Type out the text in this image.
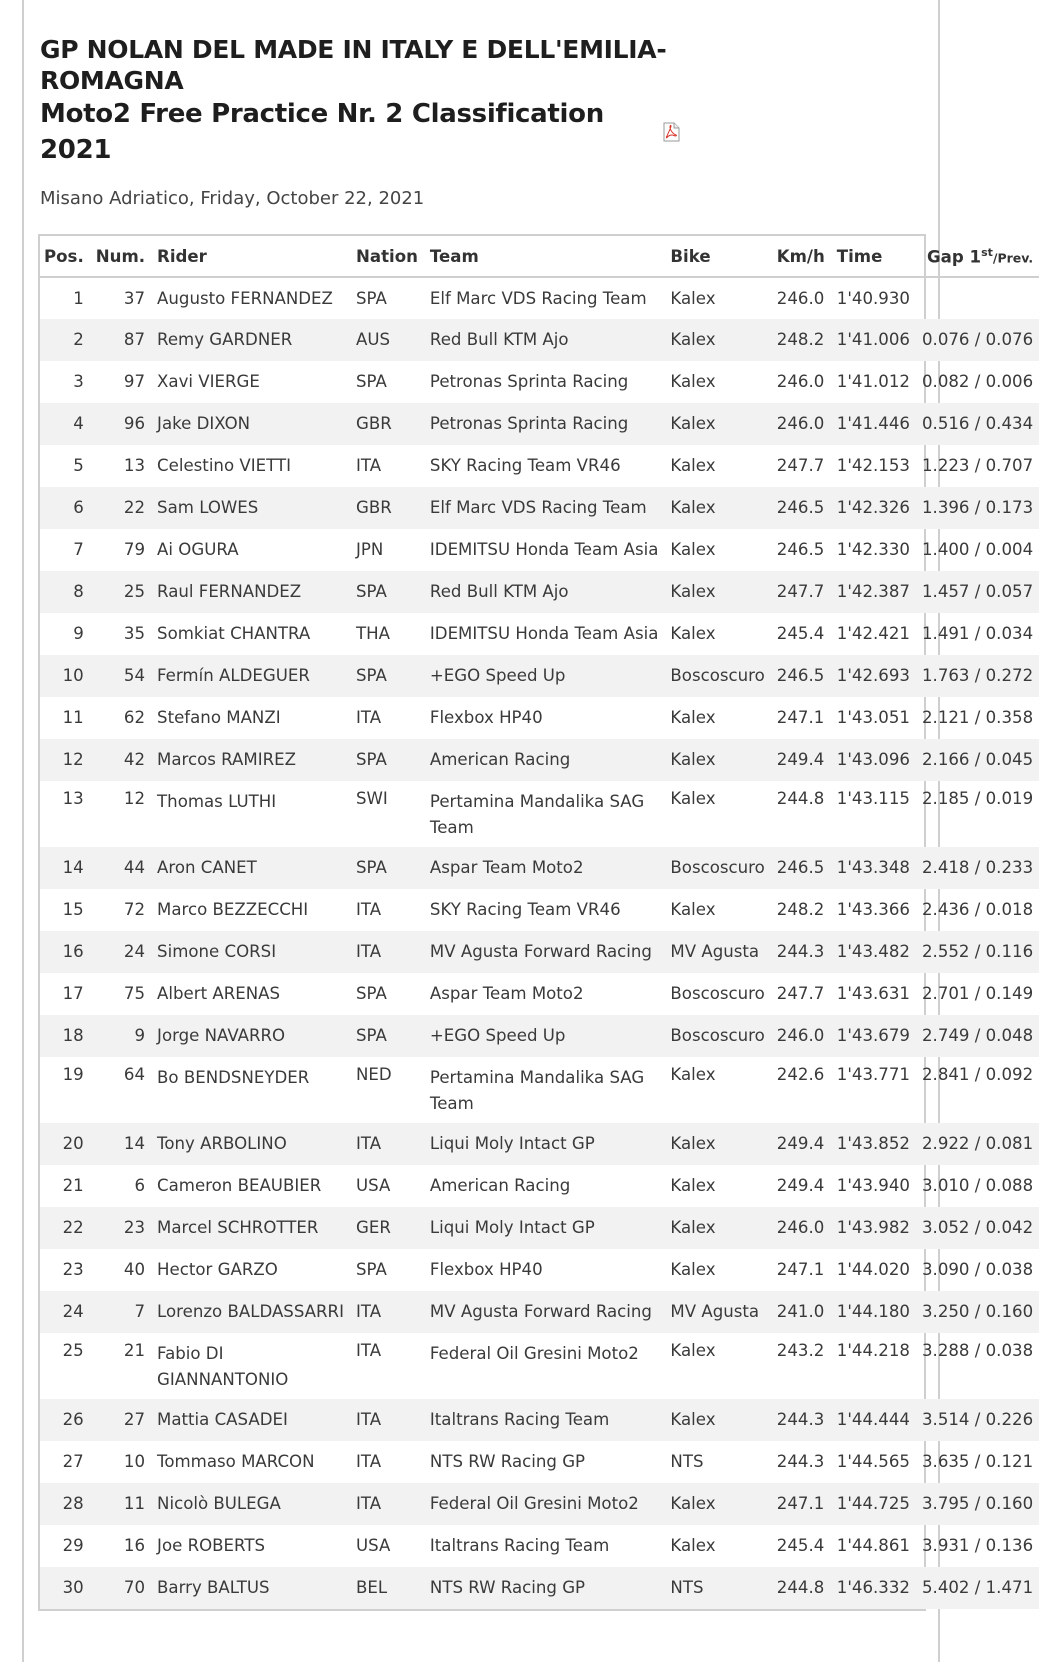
GP NOLAN DEL MADE IN ITALY E DELL'EMILIA-
ROMAGNA
Moto2 Free Practice Nr. 2 Classification 2021
Misano Adriatico, Friday, October 22, 2021
Pos.	Num.	Rider	Nation	Team	Bike	Km/h	Time	Gap 1st/Prev.
1	37	Augusto FERNANDEZ	SPA	Elf Marc VDS Racing Team	Kalex	246.0	1'40.930	
2	87	Remy GARDNER	AUS	Red Bull KTM Ajo	Kalex	248.2	1'41.006	0.076 / 0.076
3	97	Xavi VIERGE	SPA	Petronas Sprinta Racing	Kalex	246.0	1'41.012	0.082 / 0.006
4	96	Jake DIXON	GBR	Petronas Sprinta Racing	Kalex	246.0	1'41.446	0.516 / 0.434
5	13	Celestino VIETTI	ITA	SKY Racing Team VR46	Kalex	247.7	1'42.153	1.223 / 0.707
6	22	Sam LOWES	GBR	Elf Marc VDS Racing Team	Kalex	246.5	1'42.326	1.396 / 0.173
7	79	Ai OGURA	JPN	IDEMITSU Honda Team Asia	Kalex	246.5	1'42.330	1.400 / 0.004
8	25	Raul FERNANDEZ	SPA	Red Bull KTM Ajo	Kalex	247.7	1'42.387	1.457 / 0.057
9	35	Somkiat CHANTRA	THA	IDEMITSU Honda Team Asia	Kalex	245.4	1'42.421	1.491 / 0.034
10	54	Fermín ALDEGUER	SPA	+EGO Speed Up	Boscoscuro	246.5	1'42.693	1.763 / 0.272
11	62	Stefano MANZI	ITA	Flexbox HP40	Kalex	247.1	1'43.051	2.121 / 0.358
12	42	Marcos RAMIREZ	SPA	American Racing	Kalex	249.4	1'43.096	2.166 / 0.045
13	12	Thomas LUTHI	SWI	Pertamina Mandalika SAG Team	Kalex	244.8	1'43.115	2.185 / 0.019
14	44	Aron CANET	SPA	Aspar Team Moto2	Boscoscuro	246.5	1'43.348	2.418 / 0.233
15	72	Marco BEZZECCHI	ITA	SKY Racing Team VR46	Kalex	248.2	1'43.366	2.436 / 0.018
16	24	Simone CORSI	ITA	MV Agusta Forward Racing	MV Agusta	244.3	1'43.482	2.552 / 0.116
17	75	Albert ARENAS	SPA	Aspar Team Moto2	Boscoscuro	247.7	1'43.631	2.701 / 0.149
18	9	Jorge NAVARRO	SPA	+EGO Speed Up	Boscoscuro	246.0	1'43.679	2.749 / 0.048
19	64	Bo BENDSNEYDER	NED	Pertamina Mandalika SAG Team	Kalex	242.6	1'43.771	2.841 / 0.092
20	14	Tony ARBOLINO	ITA	Liqui Moly Intact GP	Kalex	249.4	1'43.852	2.922 / 0.081
21	6	Cameron BEAUBIER	USA	American Racing	Kalex	249.4	1'43.940	3.010 / 0.088
22	23	Marcel SCHROTTER	GER	Liqui Moly Intact GP	Kalex	246.0	1'43.982	3.052 / 0.042
23	40	Hector GARZO	SPA	Flexbox HP40	Kalex	247.1	1'44.020	3.090 / 0.038
24	7	Lorenzo BALDASSARRI	ITA	MV Agusta Forward Racing	MV Agusta	241.0	1'44.180	3.250 / 0.160
25	21	Fabio DI GIANNANTONIO	ITA	Federal Oil Gresini Moto2	Kalex	243.2	1'44.218	3.288 / 0.038
26	27	Mattia CASADEI	ITA	Italtrans Racing Team	Kalex	244.3	1'44.444	3.514 / 0.226
27	10	Tommaso MARCON	ITA	NTS RW Racing GP	NTS	244.3	1'44.565	3.635 / 0.121
28	11	Nicolò BULEGA	ITA	Federal Oil Gresini Moto2	Kalex	247.1	1'44.725	3.795 / 0.160
29	16	Joe ROBERTS	USA	Italtrans Racing Team	Kalex	245.4	1'44.861	3.931 / 0.136
30	70	Barry BALTUS	BEL	NTS RW Racing GP	NTS	244.8	1'46.332	5.402 / 1.471
